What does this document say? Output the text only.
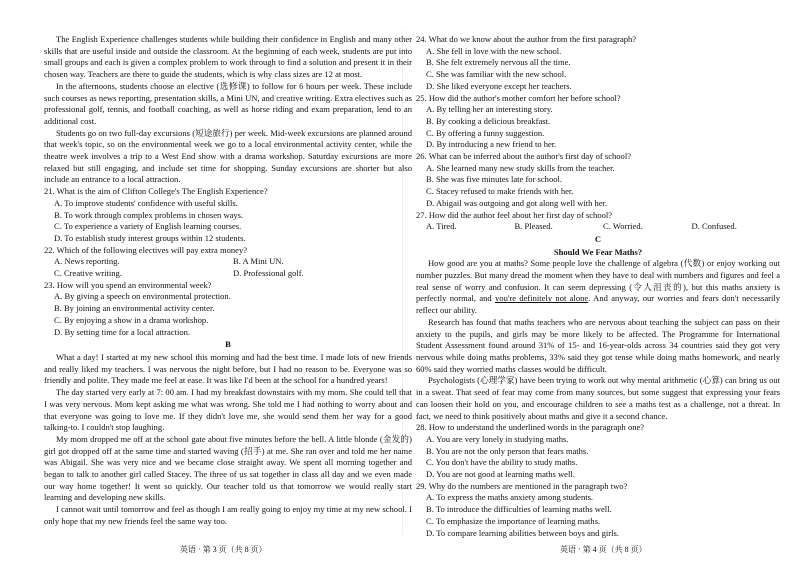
The English Experience challenges students while building their confidence in English and many other skills that are useful inside and outside the classroom. At the beginning of each week, students are put into small groups and each is given a complex problem to work through to find a solution and present it in their chosen way. Teachers are there to guide the students, which is why class sizes are 12 at most.

In the afternoons, students choose an elective (选修课) to follow for 6 hours per week. These include such courses as news reporting, presentation skills, a Mini UN, and creative writing. Extra electives such as professional golf, tennis, and football coaching, as well as horse riding and exam preparation, lend to an additional cost.

Students go on two full-day excursions (短途旅行) per week. Mid-week excursions are planned around that week's topic, so on the environmental week we go to a local environmental activity center, while the theatre week involves a trip to a West End show with a drama workshop. Saturday excursions are more relaxed but still engaging, and include set time for shopping. Sunday excursions are shorter but also include an entrance to a local attraction.

21. What is the aim of Clifton College's The English Experience?

A. To improve students' confidence with useful skills.

B. To work through complex problems in chosen ways.

C. To experience a variety of English learning courses.

D. To establish study interest groups within 12 students.

22. Which of the following electives will pay extra money?

A. News reporting.	B. A Mini UN.
C. Creative writing.	D. Professional golf.

23. How will you spend an environmental week?

A. By giving a speech on environmental protection.

B. By joining an environmental activity center.

C. By enjoying a show in a drama workshop.

D. By setting time for a local attraction.

B

What a day! I started at my new school this morning and had the best time. I made lots of new friends and really liked my teachers. I was nervous the night before, but I had no reason to be. Everyone was so friendly and polite. They made me feel at ease. It was like I'd been at the school for a hundred years!

The day started very early at 7: 00 am. I had my breakfast downstairs with my mom. She could tell that I was very nervous. Mom kept asking me what was wrong. She told me I had nothing to worry about and that everyone was going to love me. If they didn't love me, she would send them her way for a good talking-to. I couldn't stop laughing.

My mom dropped me off at the school gate about five minutes before the bell. A little blonde (金发的) girl got dropped off at the same time and started waving (招手) at me. She ran over and told me her name was Abigail. She was very nice and we became close straight away. We spent all morning together and began to talk to another girl called Stacey. The three of us sat together in class all day and we even made our way home together! It went so quickly. Our teacher told us that tomorrow we would really start learning and developing new skills.

I cannot wait until tomorrow and feel as though I am really going to enjoy my time at my new school. I only hope that my new friends feel the same way too.

英语 · 第 3 页（共 8 页）

24. What do we know about the author from the first paragraph?

A. She fell in love with the new school.

B. She felt extremely nervous all the time.

C. She was familiar with the new school.

D. She liked everyone except her teachers.

25. How did the author's mother comfort her before school?

A. By telling her an interesting story.

B. By cooking a delicious breakfast.

C. By offering a funny suggestion.

D. By introducing a new friend to her.

26. What can be inferred about the author's first day of school?

A. She learned many new study skills from the teacher.

B. She was five minutes late for school.

C. Stacey refused to make friends with her.

D. Abigail was outgoing and got along well with her.

27. How did the author feel about her first day of school?

A. Tired.	B. Pleased.	C. Worried.	D. Confused.

C

Should We Fear Maths?

How good are you at maths? Some people love the challenge of algebra (代数) or enjoy working out number puzzles. But many dread the moment when they have to deal with numbers and figures and feel a real sense of worry and confusion. It can seem depressing (令人沮丧的), but this maths anxiety is perfectly normal, and you're definitely not alone. And anyway, our worries and fears don't necessarily reflect our ability.

Research has found that maths teachers who are nervous about teaching the subject can pass on their anxiety to the pupils, and girls may be more likely to be affected. The Programme for International Student Assessment found around 31% of 15- and 16-year-olds across 34 countries said they got very nervous while doing maths problems, 33% said they got tense while doing maths homework, and nearly 60% said they worried maths classes would be difficult.

Psychologists (心理学家) have been trying to work out why mental arithmetic (心算) can bring us out in a sweat. That seed of fear may come from many sources, but some suggest that expressing your fears can loosen their hold on you, and encourage children to see a maths test as a challenge, not a threat. In fact, we need to think positively about maths and give it a second chance.

28. How to understand the underlined words in the paragraph one?

A. You are very lonely in studying maths.

B. You are not the only person that fears maths.

C. You don't have the ability to study maths.

D. You are not good at learning maths well.

29. Why do the numbers are mentioned in the paragraph two?

A. To express the maths anxiety among students.

B. To introduce the difficulties of learning maths well.

C. To emphasize the importance of learning maths.

D. To compare learning abilities between boys and girls.

英语 · 第 4 页（共 8 页）
